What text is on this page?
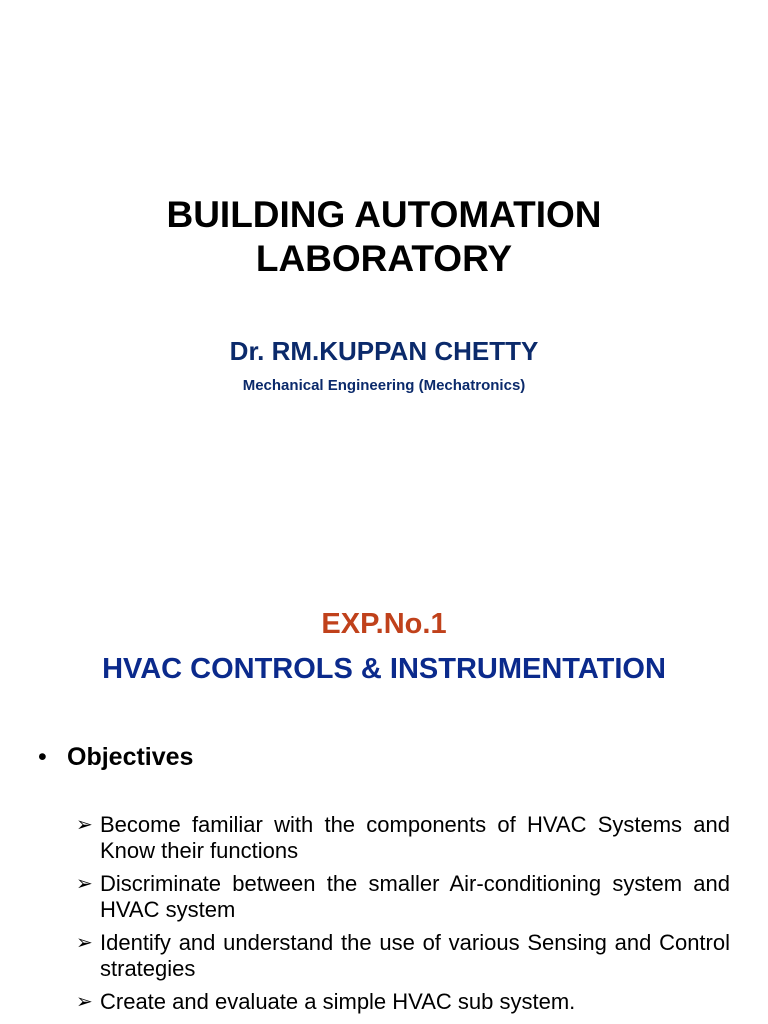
BUILDING AUTOMATION
LABORATORY
Dr. RM.KUPPAN CHETTY
Mechanical Engineering (Mechatronics)
EXP.No.1
HVAC CONTROLS & INSTRUMENTATION
• Objectives
➢ Become familiar with the components of HVAC Systems and Know their functions
➢ Discriminate between the smaller Air-conditioning system and HVAC system
➢ Identify and understand the use of various Sensing and Control strategies
➢ Create and evaluate a simple HVAC sub system.
